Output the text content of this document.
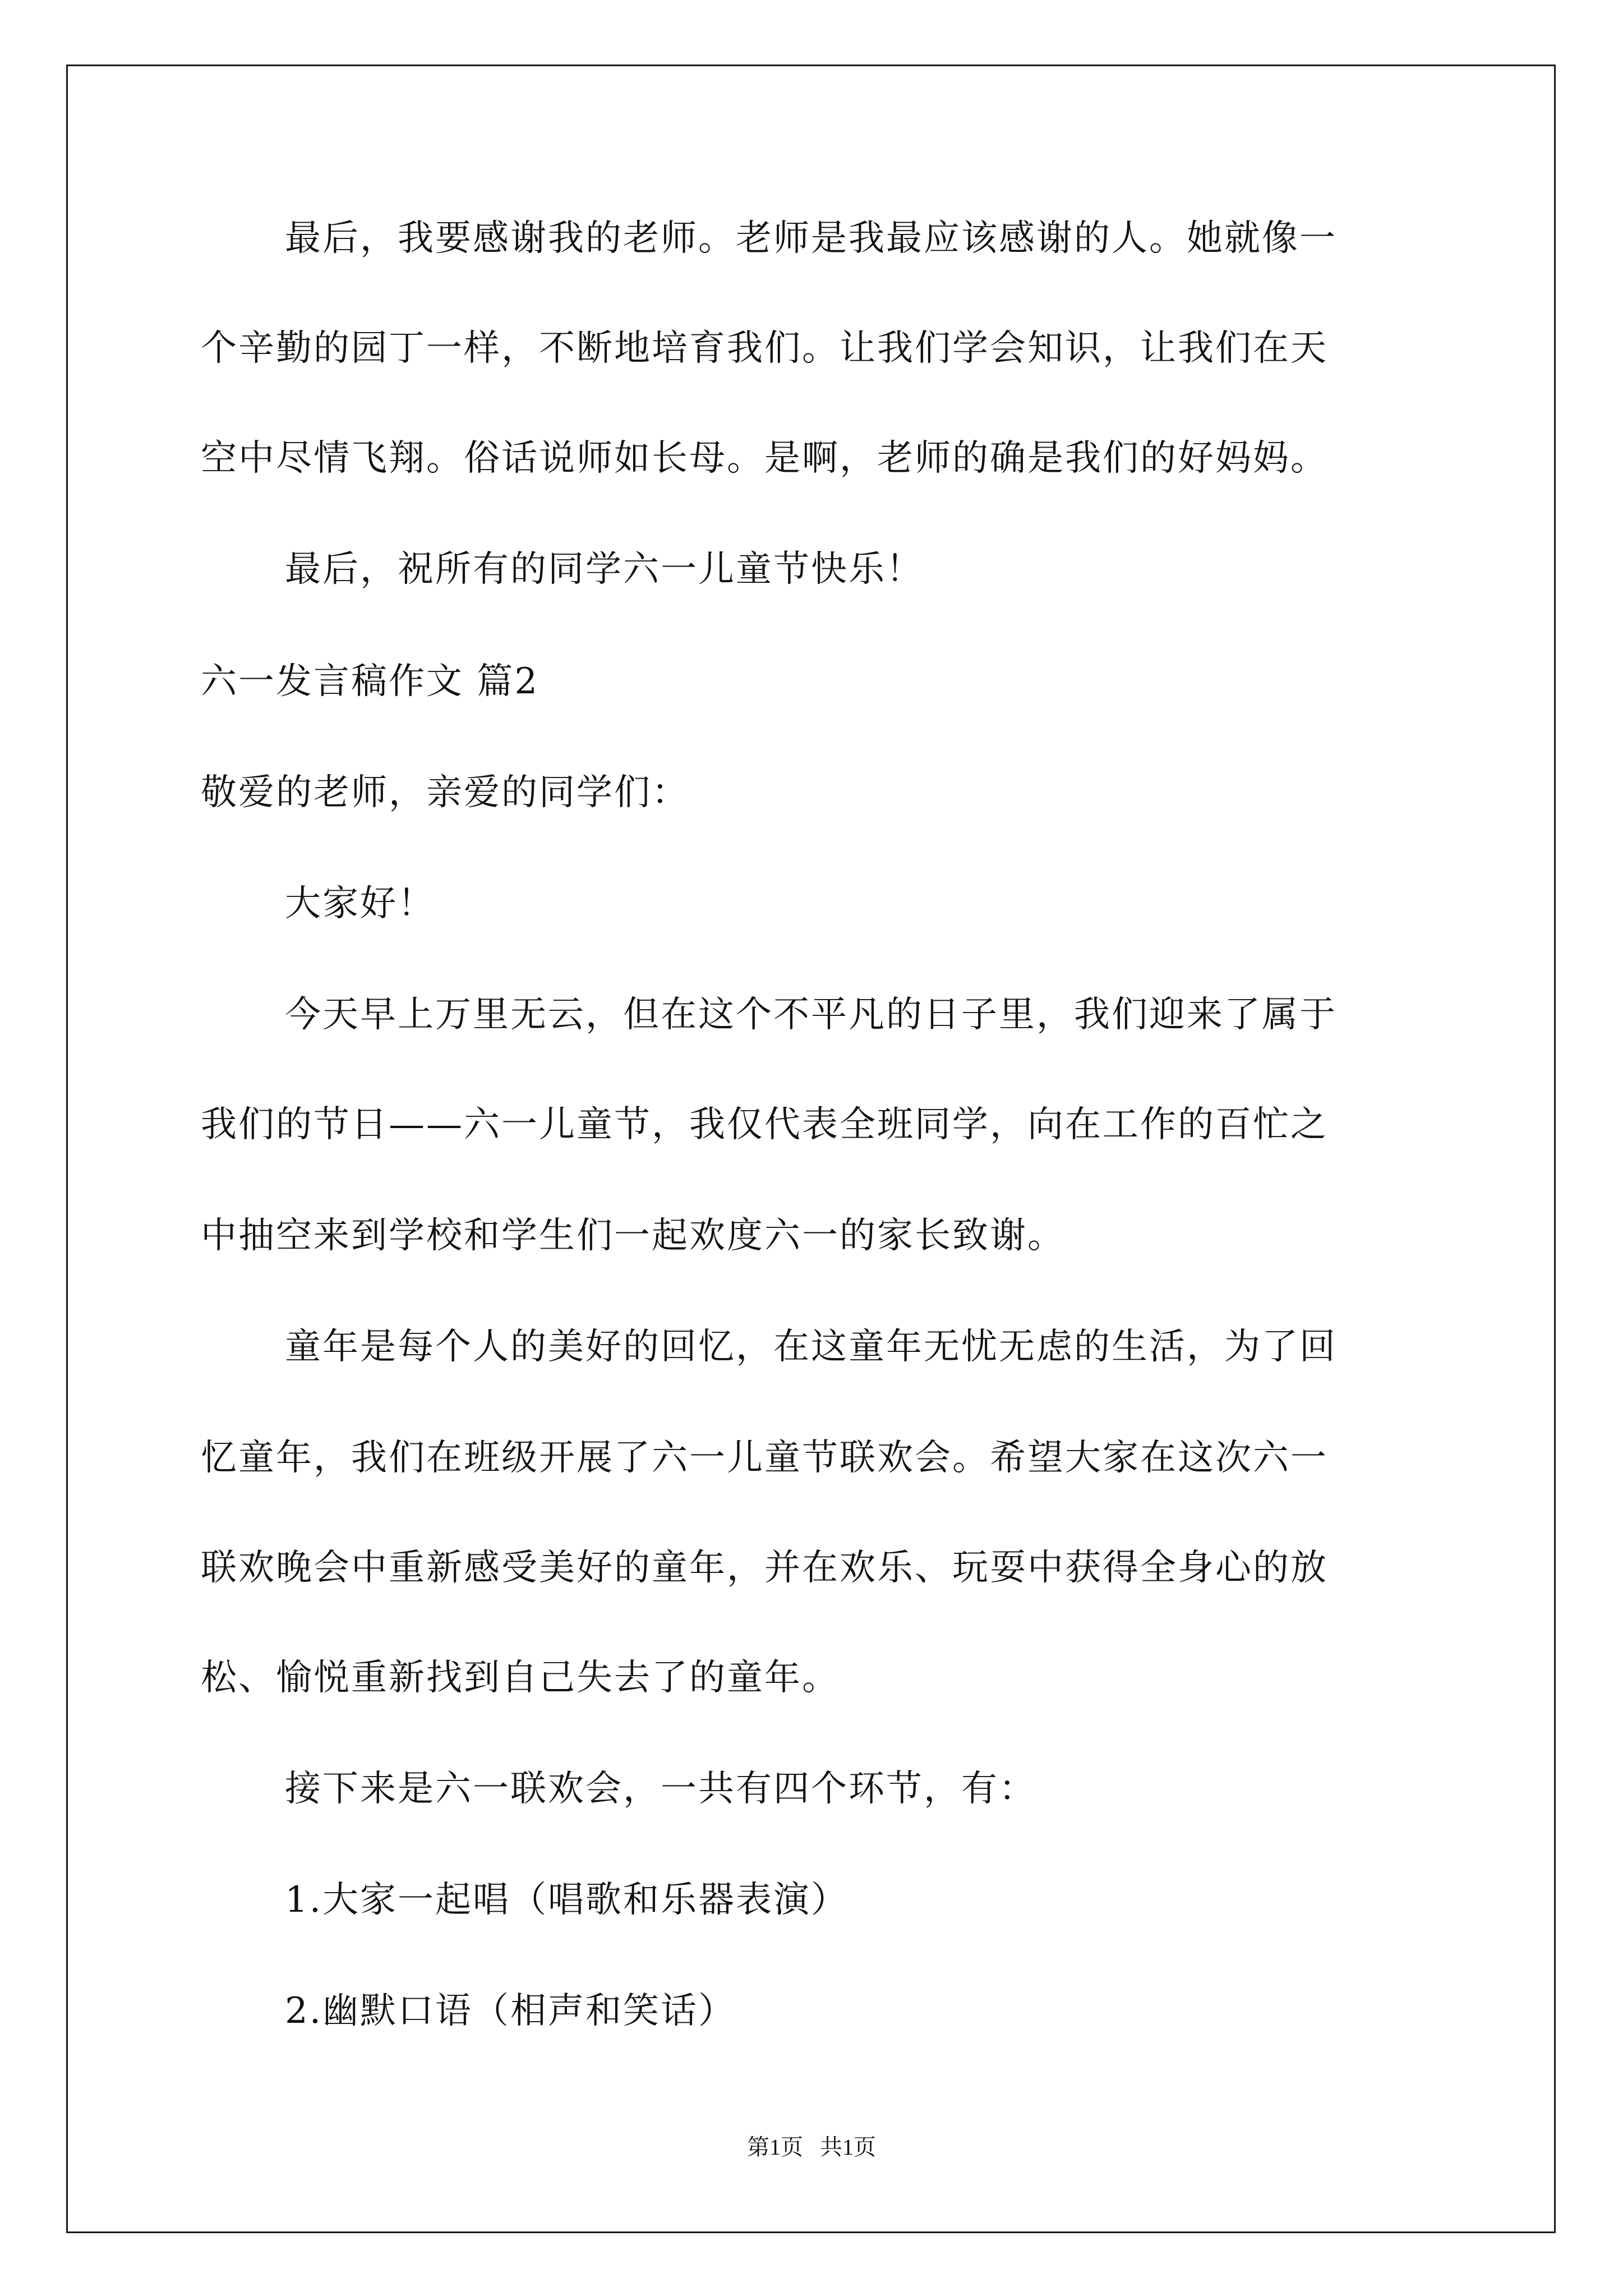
最后，我要感谢我的老师。老师是我最应该感谢的人。她就像一
个辛勤的园丁一样，不断地培育我们。让我们学会知识，让我们在天
空中尽情飞翔。俗话说师如长母。是啊，老师的确是我们的好妈妈。
最后，祝所有的同学六一儿童节快乐！
六一发言稿作文 篇2
敬爱的老师，亲爱的同学们：
大家好！
今天早上万里无云，但在这个不平凡的日子里，我们迎来了属于
我们的节日——六一儿童节，我仅代表全班同学，向在工作的百忙之
中抽空来到学校和学生们一起欢度六一的家长致谢。
童年是每个人的美好的回忆，在这童年无忧无虑的生活，为了回
忆童年，我们在班级开展了六一儿童节联欢会。希望大家在这次六一
联欢晚会中重新感受美好的童年，并在欢乐、玩耍中获得全身心的放
松、愉悦重新找到自己失去了的童年。
接下来是六一联欢会，一共有四个环节，有：
1.大家一起唱（唱歌和乐器表演）
2.幽默口语（相声和笑话）
第1页   共1页
